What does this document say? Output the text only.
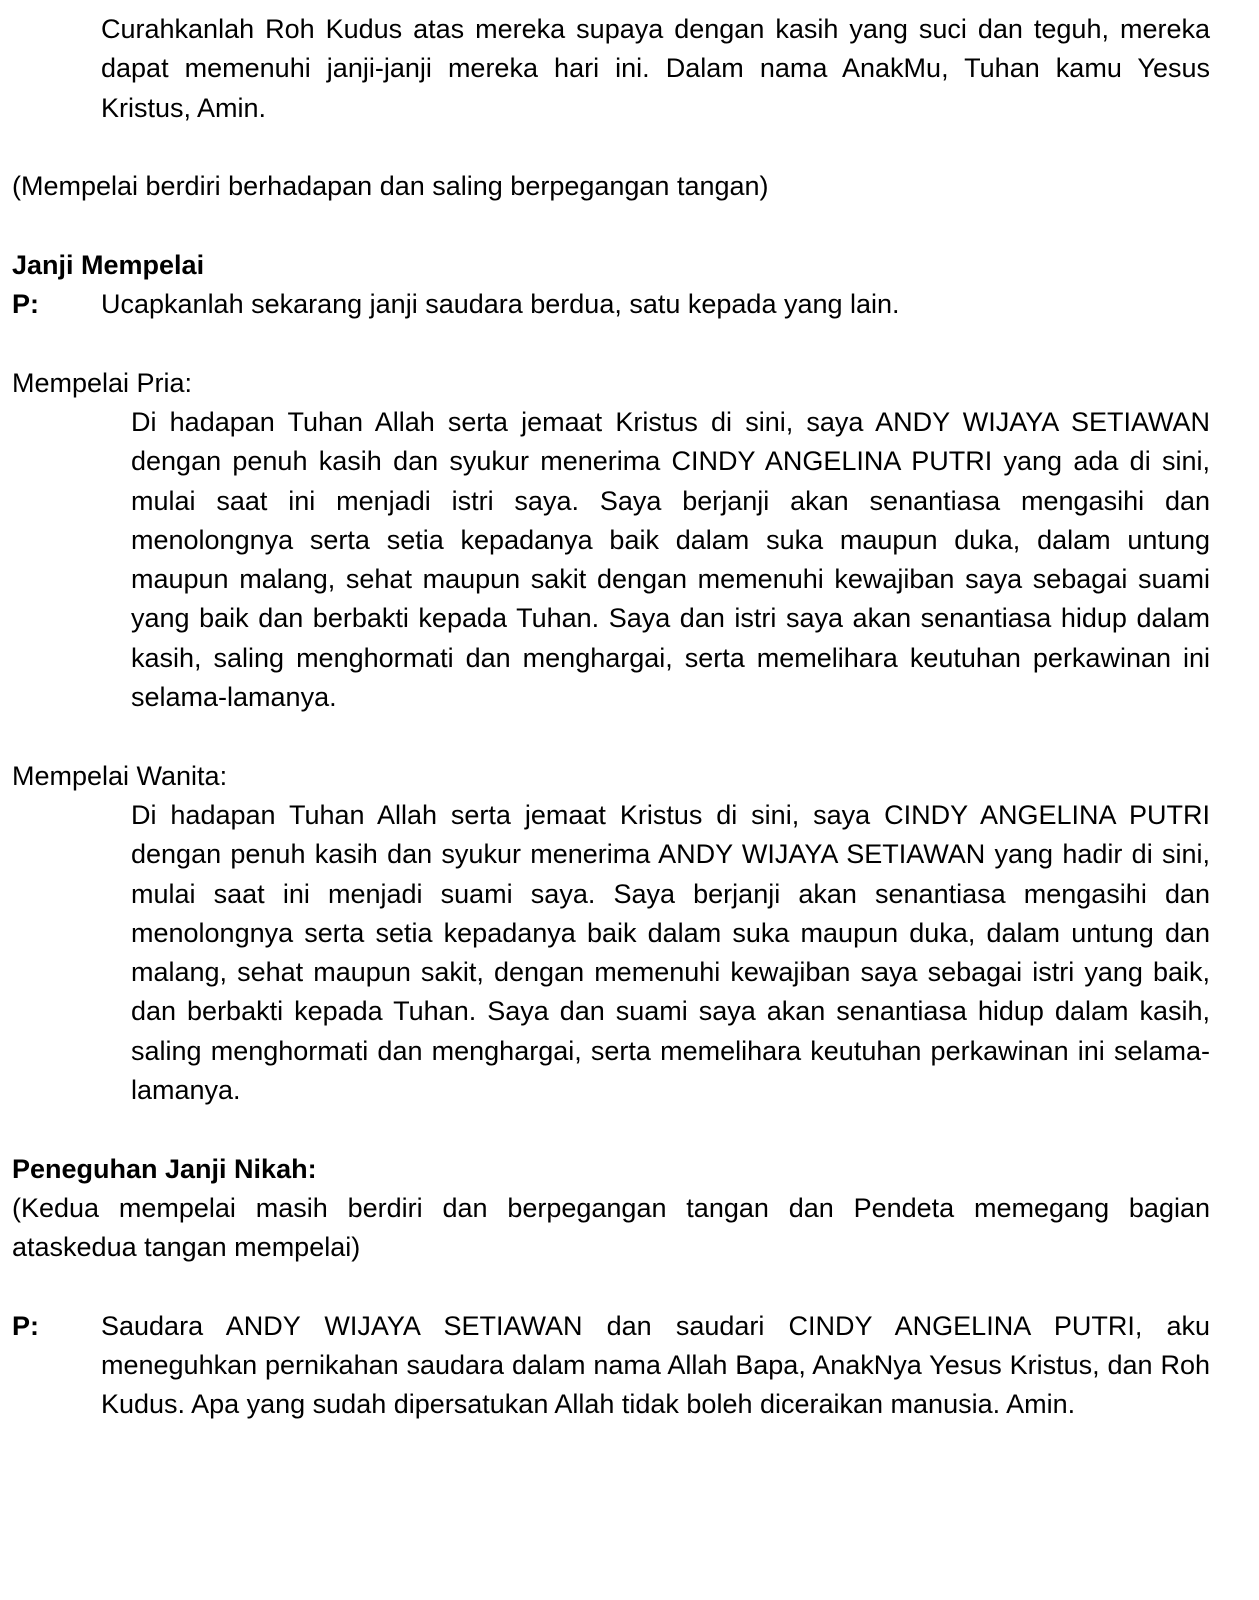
Curahkanlah Roh Kudus atas mereka supaya dengan kasih yang suci dan teguh, mereka dapat memenuhi janji-janji mereka hari ini. Dalam nama AnakMu, Tuhan kamu Yesus Kristus, Amin.

(Mempelai berdiri berhadapan dan saling berpegangan tangan)

Janji Mempelai
P:	Ucapkanlah sekarang janji saudara berdua, satu kepada yang lain.

Mempelai Pria:

Di hadapan Tuhan Allah serta jemaat Kristus di sini, saya ANDY WIJAYA SETIAWAN dengan penuh kasih dan syukur menerima CINDY ANGELINA PUTRI yang ada di sini, mulai saat ini menjadi istri saya. Saya berjanji akan senantiasa mengasihi dan menolongnya serta setia kepadanya baik dalam suka maupun duka, dalam untung maupun malang, sehat maupun sakit dengan memenuhi kewajiban saya sebagai suami yang baik dan berbakti kepada Tuhan. Saya dan istri saya akan senantiasa hidup dalam kasih, saling menghormati dan menghargai, serta memelihara keutuhan perkawinan ini selama-lamanya.

Mempelai Wanita:

Di hadapan Tuhan Allah serta jemaat Kristus di sini, saya CINDY ANGELINA PUTRI dengan penuh kasih dan syukur menerima ANDY WIJAYA SETIAWAN yang hadir di sini, mulai saat ini menjadi suami saya. Saya berjanji akan senantiasa mengasihi dan menolongnya serta setia kepadanya baik dalam suka maupun duka, dalam untung dan malang, sehat maupun sakit, dengan memenuhi kewajiban saya sebagai istri yang baik, dan berbakti kepada Tuhan. Saya dan suami saya akan senantiasa hidup dalam kasih, saling menghormati dan menghargai, serta memelihara keutuhan perkawinan ini selama-lamanya.

Peneguhan Janji Nikah:

(Kedua mempelai masih berdiri dan berpegangan tangan dan Pendeta memegang bagian ataskedua tangan mempelai)

P:	Saudara ANDY WIJAYA SETIAWAN dan saudari CINDY ANGELINA PUTRI, aku meneguhkan pernikahan saudara dalam nama Allah Bapa, AnakNya Yesus Kristus, dan Roh Kudus. Apa yang sudah dipersatukan Allah tidak boleh diceraikan manusia. Amin.
